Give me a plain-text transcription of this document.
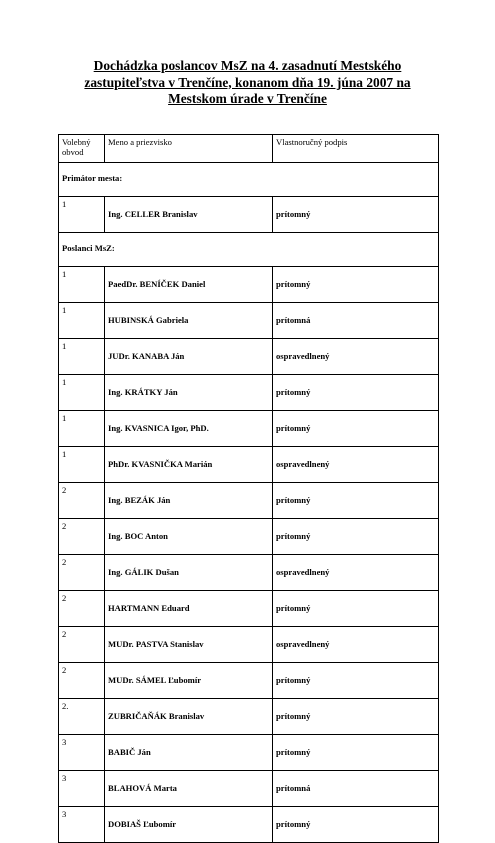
Dochádzka poslancov MsZ na 4. zasadnutí Mestského
zastupiteľstva v Trenčíne, konanom dňa 19. júna 2007 na
Mestskom úrade v Trenčíne
Volebný obvod	Meno a priezvisko	Vlastnoručný podpis
Primátor mesta:		
1	Ing. CELLER Branislav	prítomný
Poslanci MsZ:		
1	PaedDr. BENÍČEK Daniel	prítomný
1	HUBINSKÁ Gabriela	prítomná
1	JUDr. KANABA Ján	ospravedlnený
1	Ing. KRÁTKY Ján	prítomný
1	Ing. KVASNICA Igor, PhD.	prítomný
1	PhDr. KVASNIČKA Marián	ospravedlnený
2	Ing. BEZÁK Ján	prítomný
2	Ing. BOC Anton	prítomný
2	Ing. GÁLIK Dušan	ospravedlnený
2	HARTMANN Eduard	prítomný
2	MUDr. PASTVA Stanislav	ospravedlnený
2	MUDr. SÁMEL Ľubomír	prítomný
2.	ZUBRIČAŇÁK Branislav	prítomný
3	BABIČ Ján	prítomný
3	BLAHOVÁ Marta	prítomná
3	DOBIAŠ Ľubomír	prítomný
